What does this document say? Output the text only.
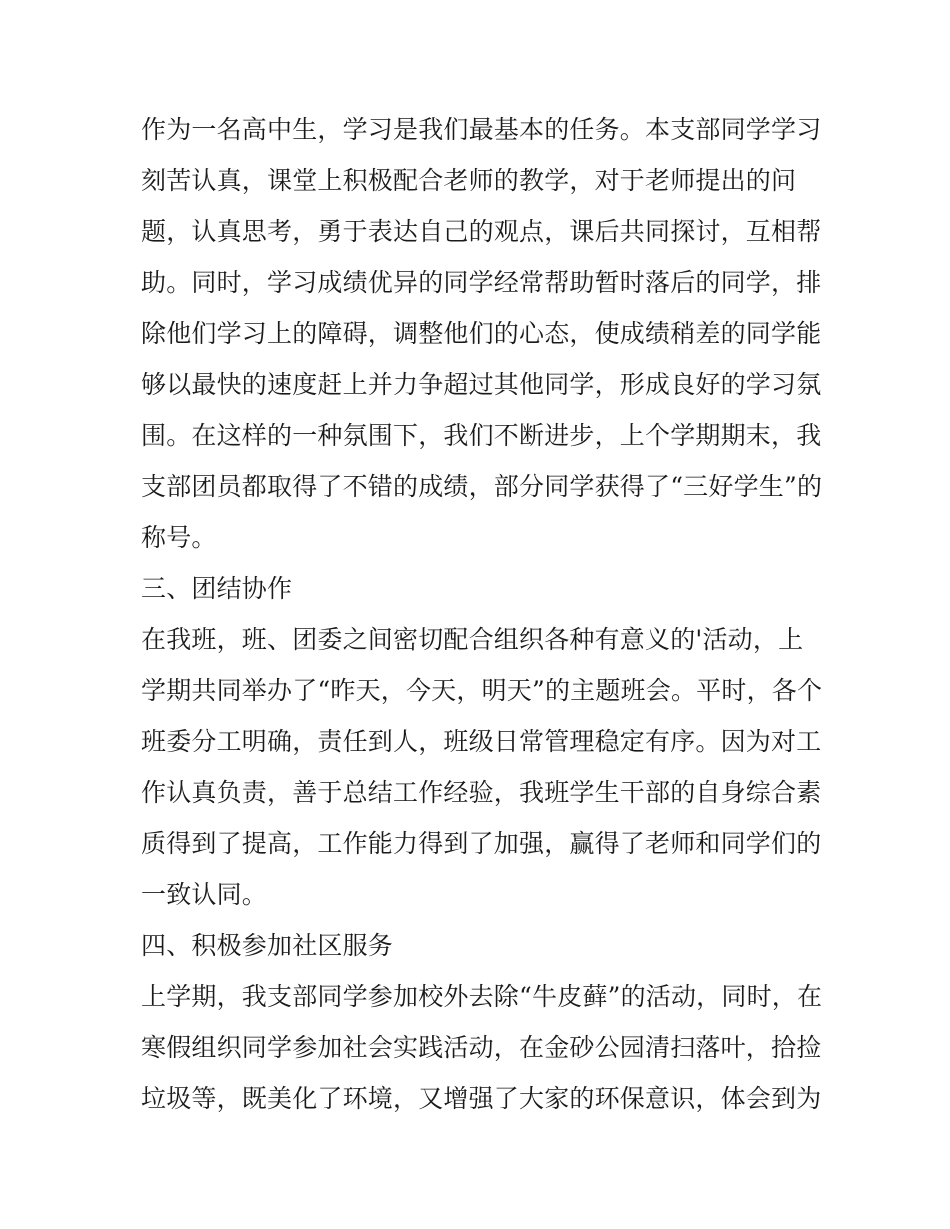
作为一名高中生，学习是我们最基本的任务。本支部同学学习
刻苦认真，课堂上积极配合老师的教学，对于老师提出的问
题，认真思考，勇于表达自己的观点，课后共同探讨，互相帮
助。同时，学习成绩优异的同学经常帮助暂时落后的同学，排
除他们学习上的障碍，调整他们的心态，使成绩稍差的同学能
够以最快的速度赶上并力争超过其他同学，形成良好的学习氛
围。在这样的一种氛围下，我们不断进步，上个学期期末，我
支部团员都取得了不错的成绩，部分同学获得了“三好学生”的
称号。
三、团结协作
在我班，班、团委之间密切配合组织各种有意义的'活动，上
学期共同举办了“昨天，今天，明天”的主题班会。平时，各个
班委分工明确，责任到人，班级日常管理稳定有序。因为对工
作认真负责，善于总结工作经验，我班学生干部的自身综合素
质得到了提高，工作能力得到了加强，赢得了老师和同学们的
一致认同。
四、积极参加社区服务
上学期，我支部同学参加校外去除“牛皮藓”的活动，同时，在
寒假组织同学参加社会实践活动，在金砂公园清扫落叶，拾捡
垃圾等，既美化了环境，又增强了大家的环保意识，体会到为
